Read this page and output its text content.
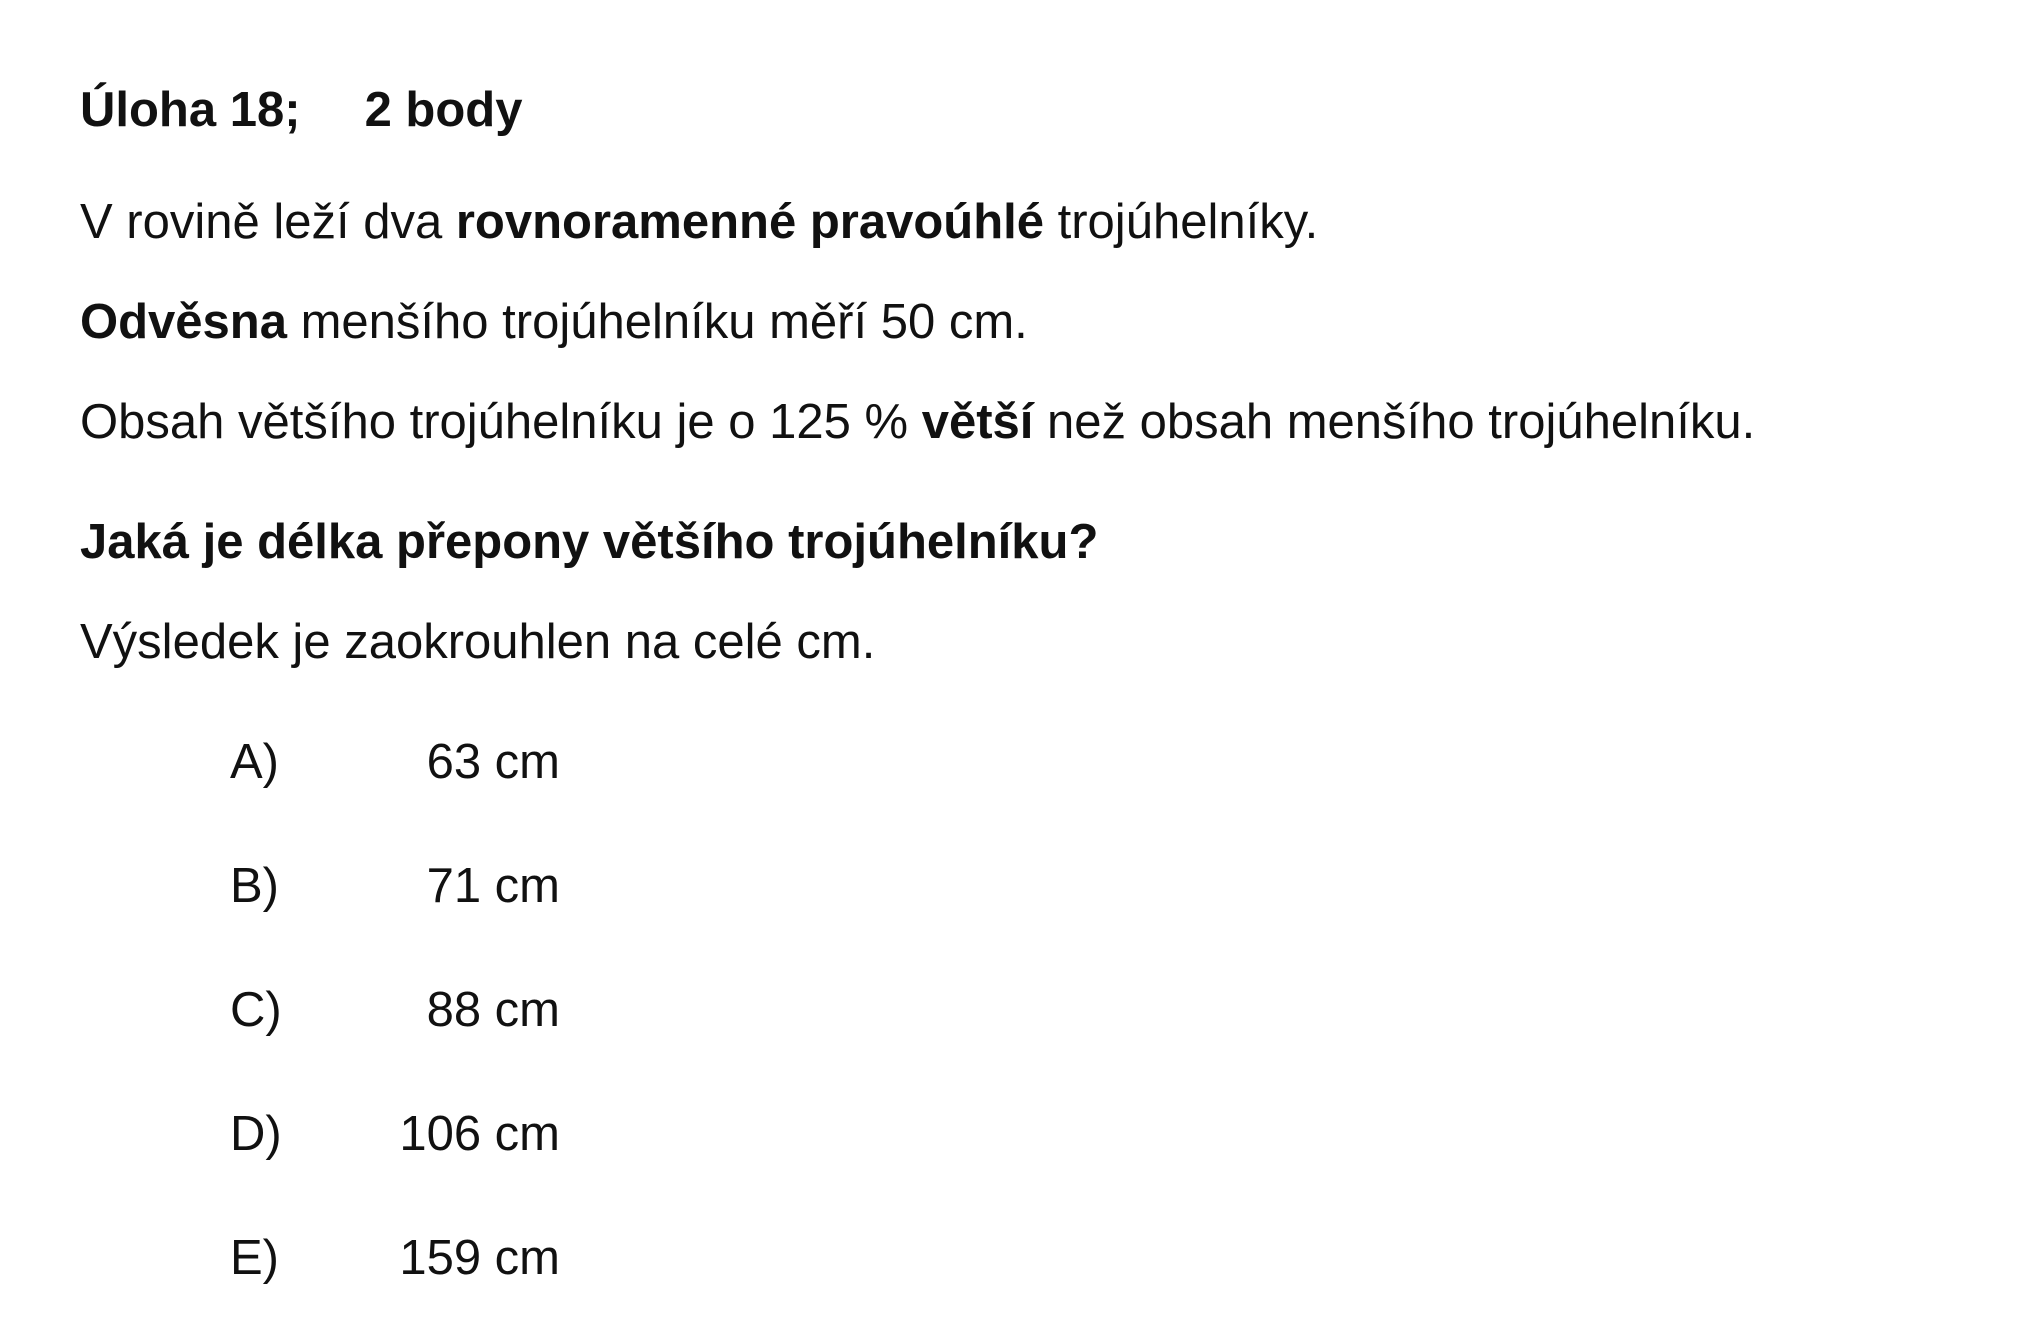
Úloha 18; 2 body
V rovině leží dva rovnoramenné pravoúhlé trojúhelníky.
Odvěsna menšího trojúhelníku měří 50 cm.
Obsah většího trojúhelníku je o 125 % větší než obsah menšího trojúhelníku.
Jaká je délka přepony většího trojúhelníku?
Výsledek je zaokrouhlen na celé cm.
A)	63 cm
B)	71 cm
C)	88 cm
D)	106 cm
E)	159 cm
